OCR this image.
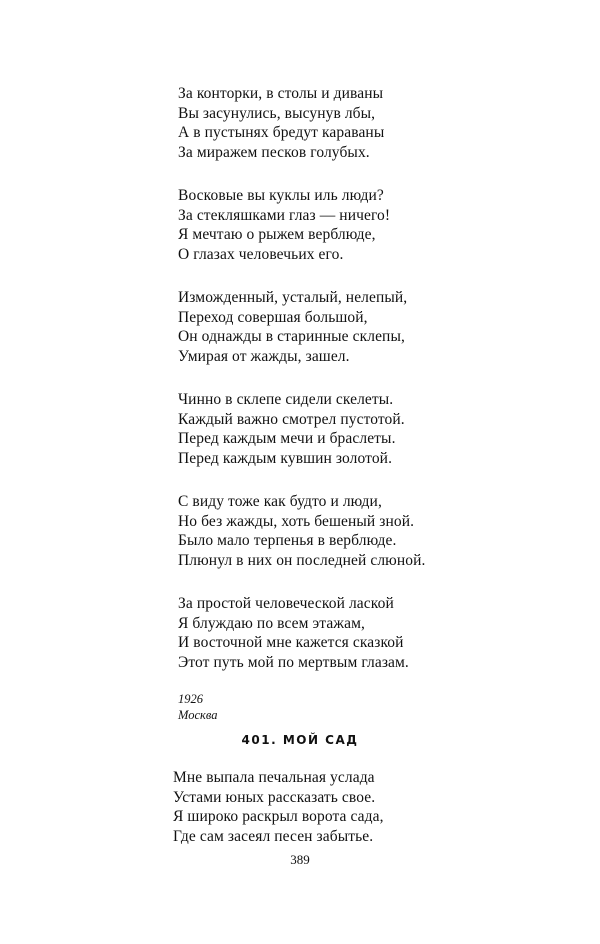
За конторки, в столы и диваны
Вы засунулись, высунув лбы,
А в пустынях бредут караваны
За миражем песков голубых.
Восковые вы куклы иль люди?
За стекляшками глаз — ничего!
Я мечтаю о рыжем верблюде,
О глазах человечьих его.
Изможденный, усталый, нелепый,
Переход совершая большой,
Он однажды в старинные склепы,
Умирая от жажды, зашел.
Чинно в склепе сидели скелеты.
Каждый важно смотрел пустотой.
Перед каждым мечи и браслеты.
Перед каждым кувшин золотой.
С виду тоже как будто и люди,
Но без жажды, хоть бешеный зной.
Было мало терпенья в верблюде.
Плюнул в них он последней слюной.
За простой человеческой лаской
Я блуждаю по всем этажам,
И восточной мне кажется сказкой
Этот путь мой по мертвым глазам.
1926
Москва
401. МОЙ САД
Мне выпала печальная услада
Устами юных рассказать свое.
Я широко раскрыл ворота сада,
Где сам засеял песен забытье.
389
